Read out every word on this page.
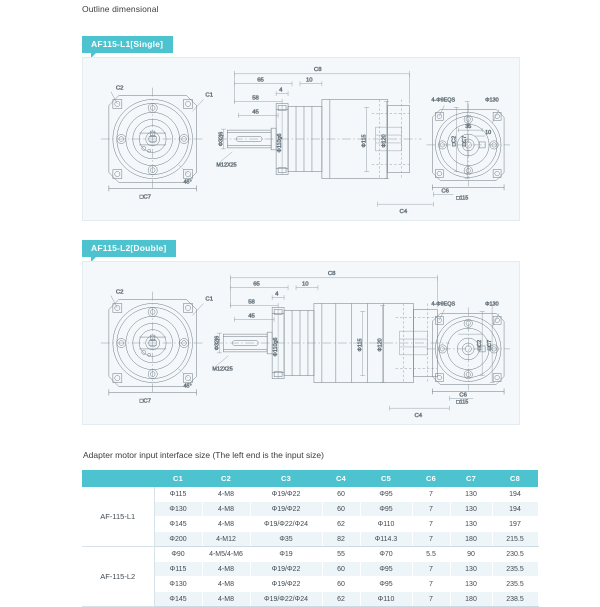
Outline dimensional
AF115-L1[Single]
C2
C1
□C7
45°
C8
65	10
4
58
45
Φ32j6
M12X25
Φ110g6	Φ115	Φ120	□C2 □C7
C4
C6
4-Φ9EQS	Φ130
35
10
□115
AF115-L2[Double]
C2
C1
□C7
45°
C8
65	10
4
58
45
Φ32j6
M12X25
Φ110g6	Φ115	Φ120	□C2 □C7
C4
C6
4-Φ9EQS	Φ130
□115
Adapter motor input interface size (The left end is the input size)
	C1	C2	C3	C4	C5	C6	C7	C8
AF-115-L1	Φ115	4-M8	Φ19/Φ22	60	Φ95	7	130	194
	Φ130	4-M8	Φ19/Φ22	60	Φ95	7	130	194
	Φ145	4-M8	Φ19/Φ22/Φ24	62	Φ110	7	130	197
	Φ200	4-M12	Φ35	82	Φ114.3	7	180	215.5
AF-115-L2	Φ90	4-M5/4-M6	Φ19	55	Φ70	5.5	90	230.5
	Φ115	4-M8	Φ19/Φ22	60	Φ95	7	130	235.5
	Φ130	4-M8	Φ19/Φ22	60	Φ95	7	130	235.5
	Φ145	4-M8	Φ19/Φ22/Φ24	62	Φ110	7	180	238.5
